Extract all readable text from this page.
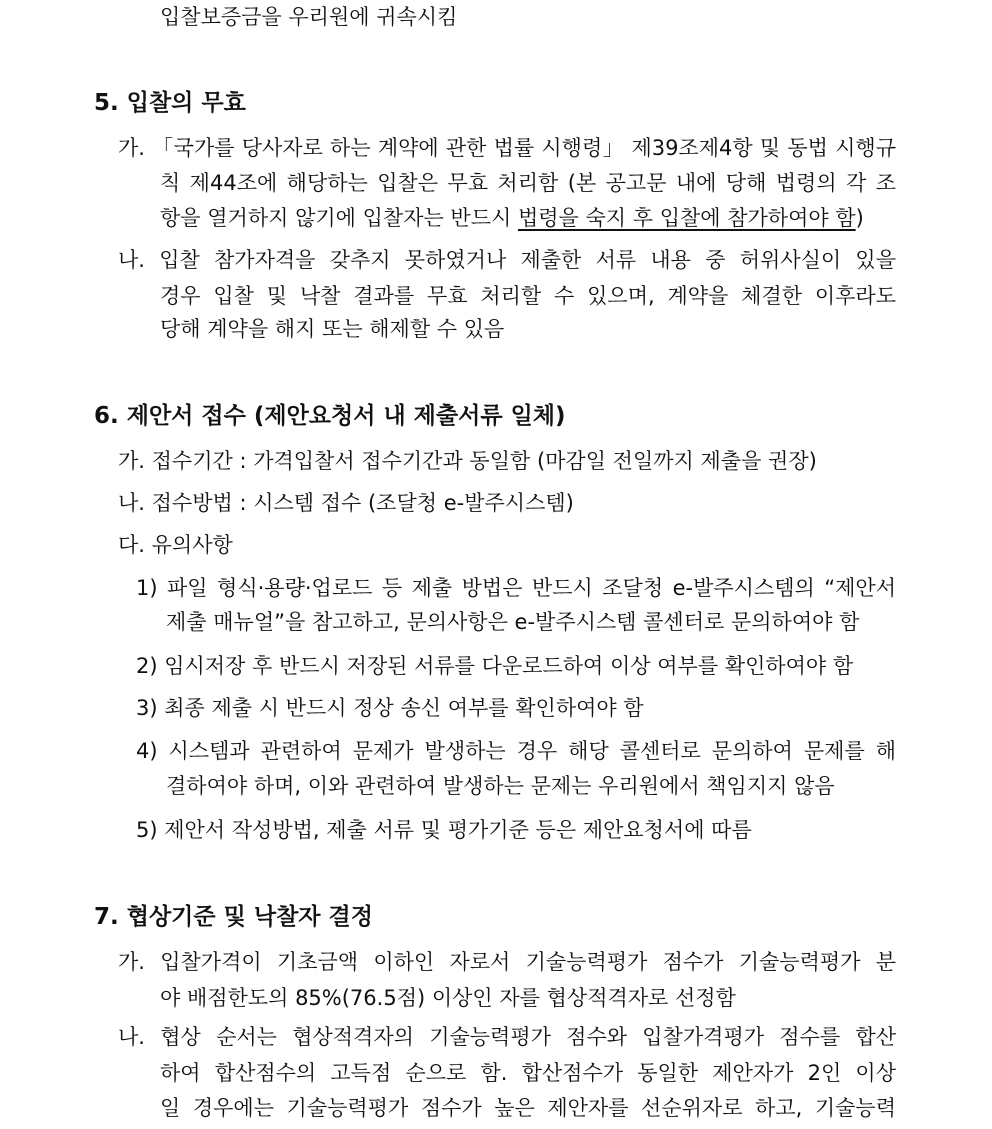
입찰보증금을 우리원에 귀속시킴
5. 입찰의 무효
가. 「국가를 당사자로 하는 계약에 관한 법률 시행령」 제39조제4항 및 동법 시행규
칙 제44조에 해당하는 입찰은 무효 처리함 (본 공고문 내에 당해 법령의 각 조
항을 열거하지 않기에 입찰자는 반드시 법령을 숙지 후 입찰에 참가하여야 함)
나. 입찰 참가자격을 갖추지 못하였거나 제출한 서류 내용 중 허위사실이 있을
경우 입찰 및 낙찰 결과를 무효 처리할 수 있으며, 계약을 체결한 이후라도
당해 계약을 해지 또는 해제할 수 있음
6. 제안서 접수 (제안요청서 내 제출서류 일체)
가. 접수기간 : 가격입찰서 접수기간과 동일함 (마감일 전일까지 제출을 권장)
나. 접수방법 : 시스템 접수 (조달청 e-발주시스템)
다. 유의사항
1) 파일 형식·용량·업로드 등 제출 방법은 반드시 조달청 e-발주시스템의 “제안서
제출 매뉴얼”을 참고하고, 문의사항은 e-발주시스템 콜센터로 문의하여야 함
2) 임시저장 후 반드시 저장된 서류를 다운로드하여 이상 여부를 확인하여야 함
3) 최종 제출 시 반드시 정상 송신 여부를 확인하여야 함
4) 시스템과 관련하여 문제가 발생하는 경우 해당 콜센터로 문의하여 문제를 해
결하여야 하며, 이와 관련하여 발생하는 문제는 우리원에서 책임지지 않음
5) 제안서 작성방법, 제출 서류 및 평가기준 등은 제안요청서에 따름
7. 협상기준 및 낙찰자 결정
가. 입찰가격이 기초금액 이하인 자로서 기술능력평가 점수가 기술능력평가 분
야 배점한도의 85%(76.5점) 이상인 자를 협상적격자로 선정함
나. 협상 순서는 협상적격자의 기술능력평가 점수와 입찰가격평가 점수를 합산
하여 합산점수의 고득점 순으로 함. 합산점수가 동일한 제안자가 2인 이상
일 경우에는 기술능력평가 점수가 높은 제안자를 선순위자로 하고, 기술능력
